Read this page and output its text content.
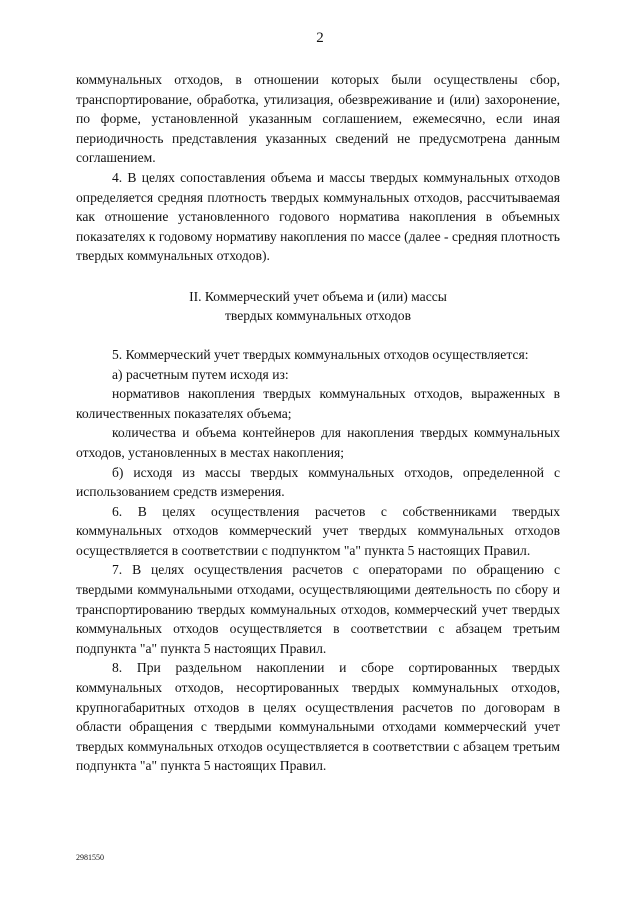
2

коммунальных отходов, в отношении которых были осуществлены сбор, транспортирование, обработка, утилизация, обезвреживание и (или) захоронение, по форме, установленной указанным соглашением, ежемесячно, если иная периодичность представления указанных сведений не предусмотрена данным соглашением.

4. В целях сопоставления объема и массы твердых коммунальных отходов определяется средняя плотность твердых коммунальных отходов, рассчитываемая как отношение установленного годового норматива накопления в объемных показателях к годовому нормативу накопления по массе (далее - средняя плотность твердых коммунальных отходов).

II. Коммерческий учет объема и (или) массы
твердых коммунальных отходов

5. Коммерческий учет твердых коммунальных отходов осуществляется:

а) расчетным путем исходя из:

нормативов накопления твердых коммунальных отходов, выраженных в количественных показателях объема;

количества и объема контейнеров для накопления твердых коммунальных отходов, установленных в местах накопления;

б) исходя из массы твердых коммунальных отходов, определенной с использованием средств измерения.

6. В целях осуществления расчетов с собственниками твердых коммунальных отходов коммерческий учет твердых коммунальных отходов осуществляется в соответствии с подпунктом "а" пункта 5 настоящих Правил.

7. В целях осуществления расчетов с операторами по обращению с твердыми коммунальными отходами, осуществляющими деятельность по сбору и транспортированию твердых коммунальных отходов, коммерческий учет твердых коммунальных отходов осуществляется в соответствии с абзацем третьим подпункта "а" пункта 5 настоящих Правил.

8. При раздельном накоплении и сборе сортированных твердых коммунальных отходов, несортированных твердых коммунальных отходов, крупногабаритных отходов в целях осуществления расчетов по договорам в области обращения с твердыми коммунальными отходами коммерческий учет твердых коммунальных отходов осуществляется в соответствии с абзацем третьим подпункта "а" пункта 5 настоящих Правил.

2981550
